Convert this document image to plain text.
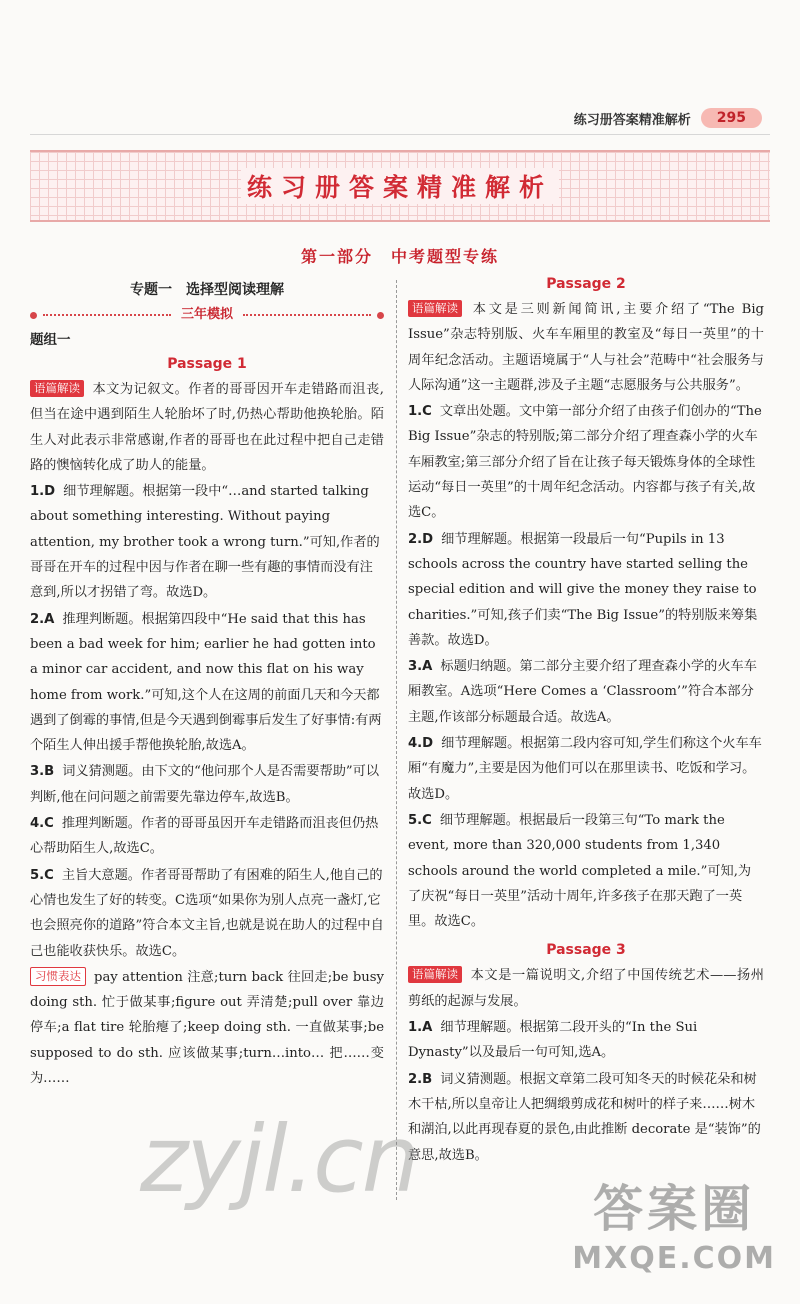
练习册答案精准解析	295
练习册答案精准解析
第一部分　中考题型专练
专题一　选择型阅读理解
三年模拟
题组一
Passage 1
语篇解读 本文为记叙文。作者的哥哥因开车走错路而沮丧,但当在途中遇到陌生人轮胎坏了时,仍热心帮助他换轮胎。陌生人对此表示非常感谢,作者的哥哥也在此过程中把自己走错路的懊恼转化成了助人的能量。
1.D 细节理解题。根据第一段中“…and started talking about something interesting. Without paying attention, my brother took a wrong turn.”可知,作者的哥哥在开车的过程中因与作者在聊一些有趣的事情而没有注意到,所以才拐错了弯。故选D。
2.A 推理判断题。根据第四段中“He said that this has been a bad week for him; earlier he had gotten into a minor car accident, and now this flat on his way home from work.”可知,这个人在这周的前面几天和今天都遇到了倒霉的事情,但是今天遇到倒霉事后发生了好事情:有两个陌生人伸出援手帮他换轮胎,故选A。
3.B 词义猜测题。由下文的“他问那个人是否需要帮助”可以判断,他在问问题之前需要先靠边停车,故选B。
4.C 推理判断题。作者的哥哥虽因开车走错路而沮丧但仍热心帮助陌生人,故选C。
5.C 主旨大意题。作者哥哥帮助了有困难的陌生人,他自己的心情也发生了好的转变。C选项“如果你为别人点亮一盏灯,它也会照亮你的道路”符合本文主旨,也就是说在助人的过程中自己也能收获快乐。故选C。
习惯表达 pay attention 注意;turn back 往回走;be busy doing sth. 忙于做某事;figure out 弄清楚;pull over 靠边停车;a flat tire 轮胎瘪了;keep doing sth. 一直做某事;be supposed to do sth. 应该做某事;turn…into… 把……变为……
Passage 2
语篇解读 本文是三则新闻简讯,主要介绍了“The Big Issue”杂志特别版、火车车厢里的教室及“每日一英里”的十周年纪念活动。主题语境属于“人与社会”范畴中“社会服务与人际沟通”这一主题群,涉及子主题“志愿服务与公共服务”。
1.C 文章出处题。文中第一部分介绍了由孩子们创办的“The Big Issue”杂志的特别版;第二部分介绍了理查森小学的火车车厢教室;第三部分介绍了旨在让孩子每天锻炼身体的全球性运动“每日一英里”的十周年纪念活动。内容都与孩子有关,故选C。
2.D 细节理解题。根据第一段最后一句“Pupils in 13 schools across the country have started selling the special edition and will give the money they raise to charities.”可知,孩子们卖“The Big Issue”的特别版来筹集善款。故选D。
3.A 标题归纳题。第二部分主要介绍了理查森小学的火车车厢教室。A选项“Here Comes a ‘Classroom’”符合本部分主题,作该部分标题最合适。故选A。
4.D 细节理解题。根据第二段内容可知,学生们称这个火车车厢“有魔力”,主要是因为他们可以在那里读书、吃饭和学习。故选D。
5.C 细节理解题。根据最后一段第三句“To mark the event, more than 320,000 students from 1,340 schools around the world completed a mile.”可知,为了庆祝“每日一英里”活动十周年,许多孩子在那天跑了一英里。故选C。
Passage 3
语篇解读 本文是一篇说明文,介绍了中国传统艺术——扬州剪纸的起源与发展。
1.A 细节理解题。根据第二段开头的“In the Sui Dynasty”以及最后一句可知,选A。
2.B 词义猜测题。根据文章第二段可知冬天的时候花朵和树木干枯,所以皇帝让人把绸缎剪成花和树叶的样子来……树木和湖泊,以此再现春夏的景色,由此推断 decorate 是“装饰”的意思,故选B。
zyjl.cn	答案圈
MXQE.COM
